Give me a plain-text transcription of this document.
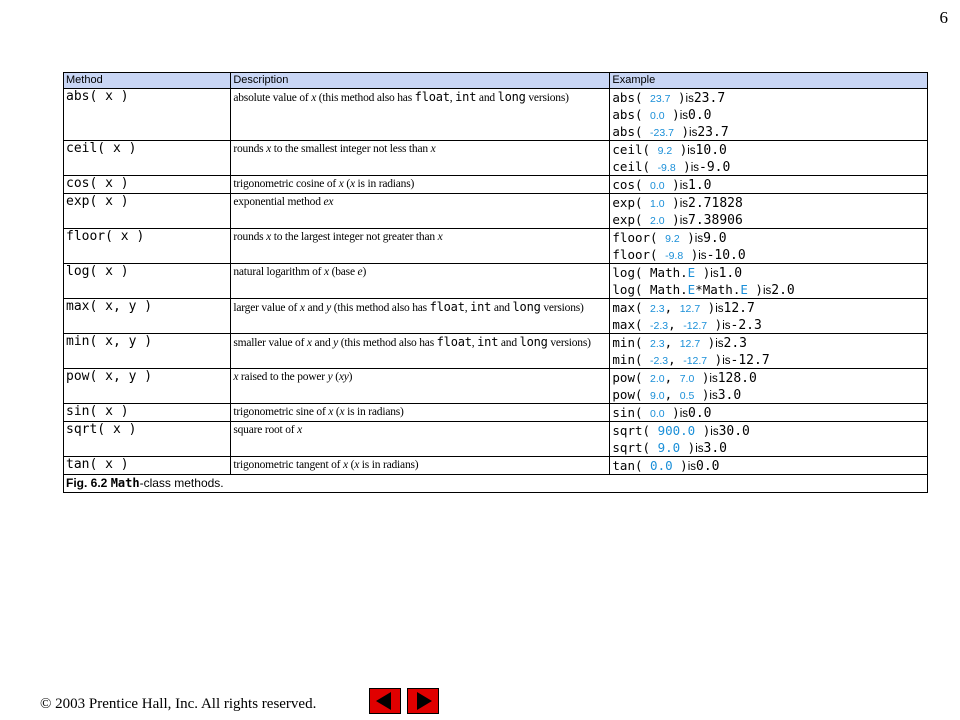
6
Method	Description	Example

abs( x )	absolute value of x (this method also has float, int and long versions)	abs( 23.7 )is23.7
abs( 0.0 )is0.0
abs( -23.7 )is23.7

ceil( x )	rounds x to the smallest integer not less than x	ceil( 9.2 )is10.0
ceil( -9.8 )is-9.0

cos( x )	trigonometric cosine of x (x is in radians)	cos( 0.0 )is1.0

exp( x )	exponential method ex	exp( 1.0 )is2.71828
exp( 2.0 )is7.38906

floor( x )	rounds x to the largest integer not greater than x	floor( 9.2 )is9.0
floor( -9.8 )is-10.0

log( x )	natural logarithm of x (base e)	log( Math.E )is1.0
log( Math.E*Math.E )is2.0

max( x, y )	larger value of x and y (this method also has float, int and long versions)	max( 2.3, 12.7 )is12.7
max( -2.3, -12.7 )is-2.3

min( x, y )	smaller value of x and y (this method also has float, int and long versions)	min( 2.3, 12.7 )is2.3
min( -2.3, -12.7 )is-12.7

pow( x, y )	x raised to the power y (xy)	pow( 2.0, 7.0 )is128.0
pow( 9.0, 0.5 )is3.0

sin( x )	trigonometric sine of x (x is in radians)	sin( 0.0 )is0.0

sqrt( x )	square root of x	sqrt( 900.0 )is30.0
sqrt( 9.0 )is3.0

tan( x )	trigonometric tangent of x (x is in radians)	tan( 0.0 )is0.0

Fig. 6.2 Math-class methods.		
© 2003 Prentice Hall, Inc. All rights reserved.
